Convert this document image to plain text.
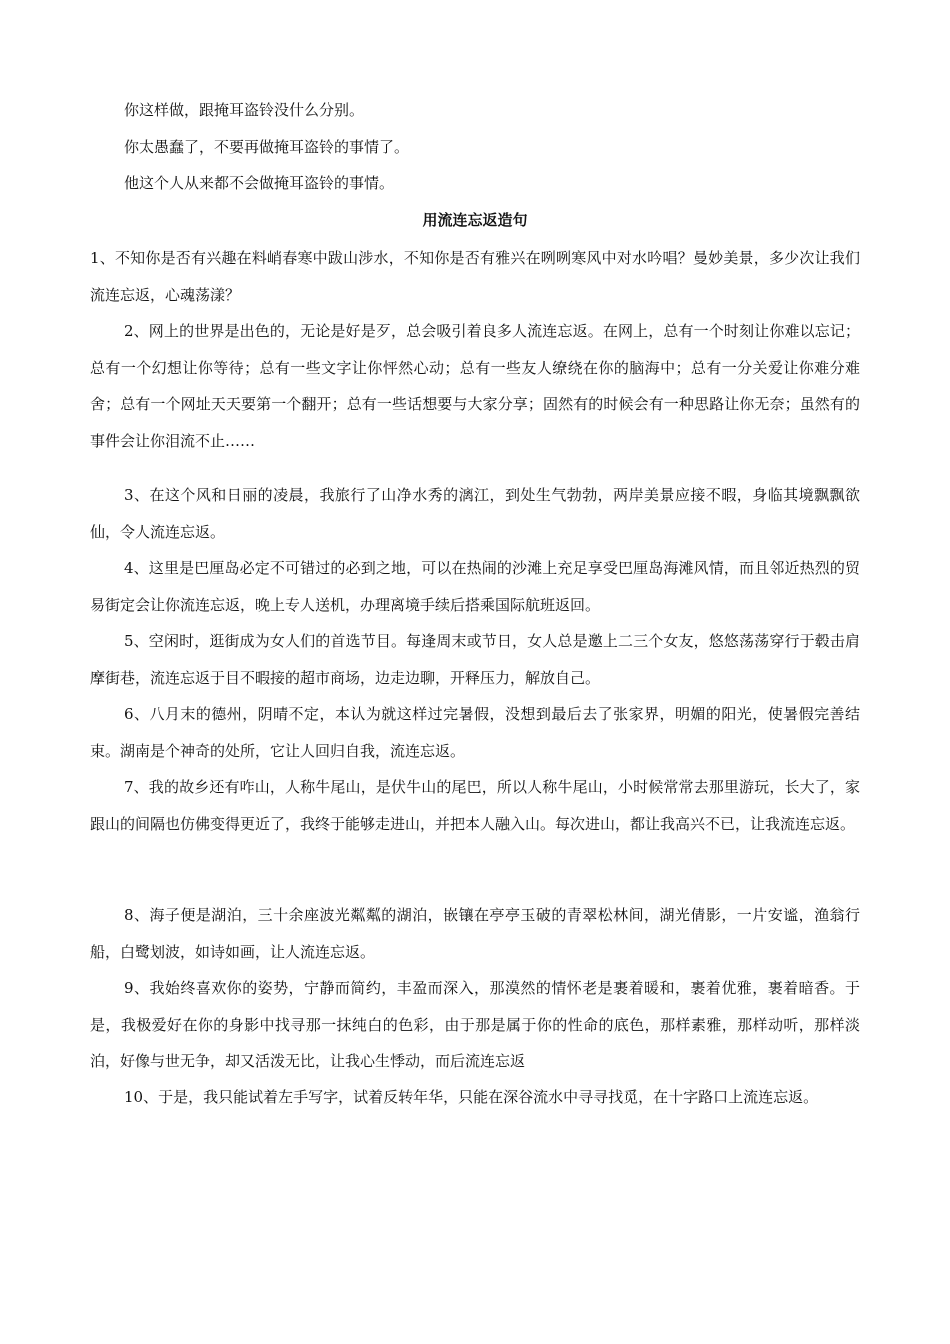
你这样做，跟掩耳盗铃没什么分别。
你太愚蠢了，不要再做掩耳盗铃的事情了。
他这个人从来都不会做掩耳盗铃的事情。
用流连忘返造句

1、不知你是否有兴趣在料峭春寒中跋山涉水，不知你是否有雅兴在咧咧寒风中对水吟唱？曼妙美景，多少次让我们流连忘返，心魂荡漾？

2、网上的世界是出色的，无论是好是歹，总会吸引着良多人流连忘返。在网上，总有一个时刻让你难以忘记；总有一个幻想让你等待；总有一些文字让你怦然心动；总有一些友人缭绕在你的脑海中；总有一分关爱让你难分难舍；总有一个网址天天要第一个翻开；总有一些话想要与大家分享；固然有的时候会有一种思路让你无奈；虽然有的事件会让你泪流不止……

3、在这个风和日丽的凌晨，我旅行了山净水秀的漓江，到处生气勃勃，两岸美景应接不暇，身临其境飘飘欲仙，令人流连忘返。

4、这里是巴厘岛必定不可错过的必到之地，可以在热闹的沙滩上充足享受巴厘岛海滩风情，而且邻近热烈的贸易街定会让你流连忘返，晚上专人送机，办理离境手续后搭乘国际航班返回。

5、空闲时，逛街成为女人们的首选节目。每逢周末或节日，女人总是邀上二三个女友，悠悠荡荡穿行于毂击肩摩街巷，流连忘返于目不暇接的超市商场，边走边聊，开释压力，解放自己。

6、八月末的德州，阴晴不定，本认为就这样过完暑假，没想到最后去了张家界，明媚的阳光，使暑假完善结束。湖南是个神奇的处所，它让人回归自我，流连忘返。

7、我的故乡还有咋山，人称牛尾山，是伏牛山的尾巴，所以人称牛尾山，小时候常常去那里游玩，长大了，家跟山的间隔也仿佛变得更近了，我终于能够走进山，并把本人融入山。每次进山，都让我高兴不已，让我流连忘返。

8、海子便是湖泊，三十余座波光粼粼的湖泊，嵌镶在亭亭玉破的青翠松林间，湖光倩影，一片安谧，渔翁行船，白鹭划波，如诗如画，让人流连忘返。

9、我始终喜欢你的姿势，宁静而简约，丰盈而深入，那漠然的情怀老是裹着暖和，裹着优雅，裹着暗香。于是，我极爱好在你的身影中找寻那一抹纯白的色彩，由于那是属于你的性命的底色，那样素雅，那样动听，那样淡泊，好像与世无争，却又活泼无比，让我心生悸动，而后流连忘返

10、于是，我只能试着左手写字，试着反转年华，只能在深谷流水中寻寻找觅，在十字路口上流连忘返。
